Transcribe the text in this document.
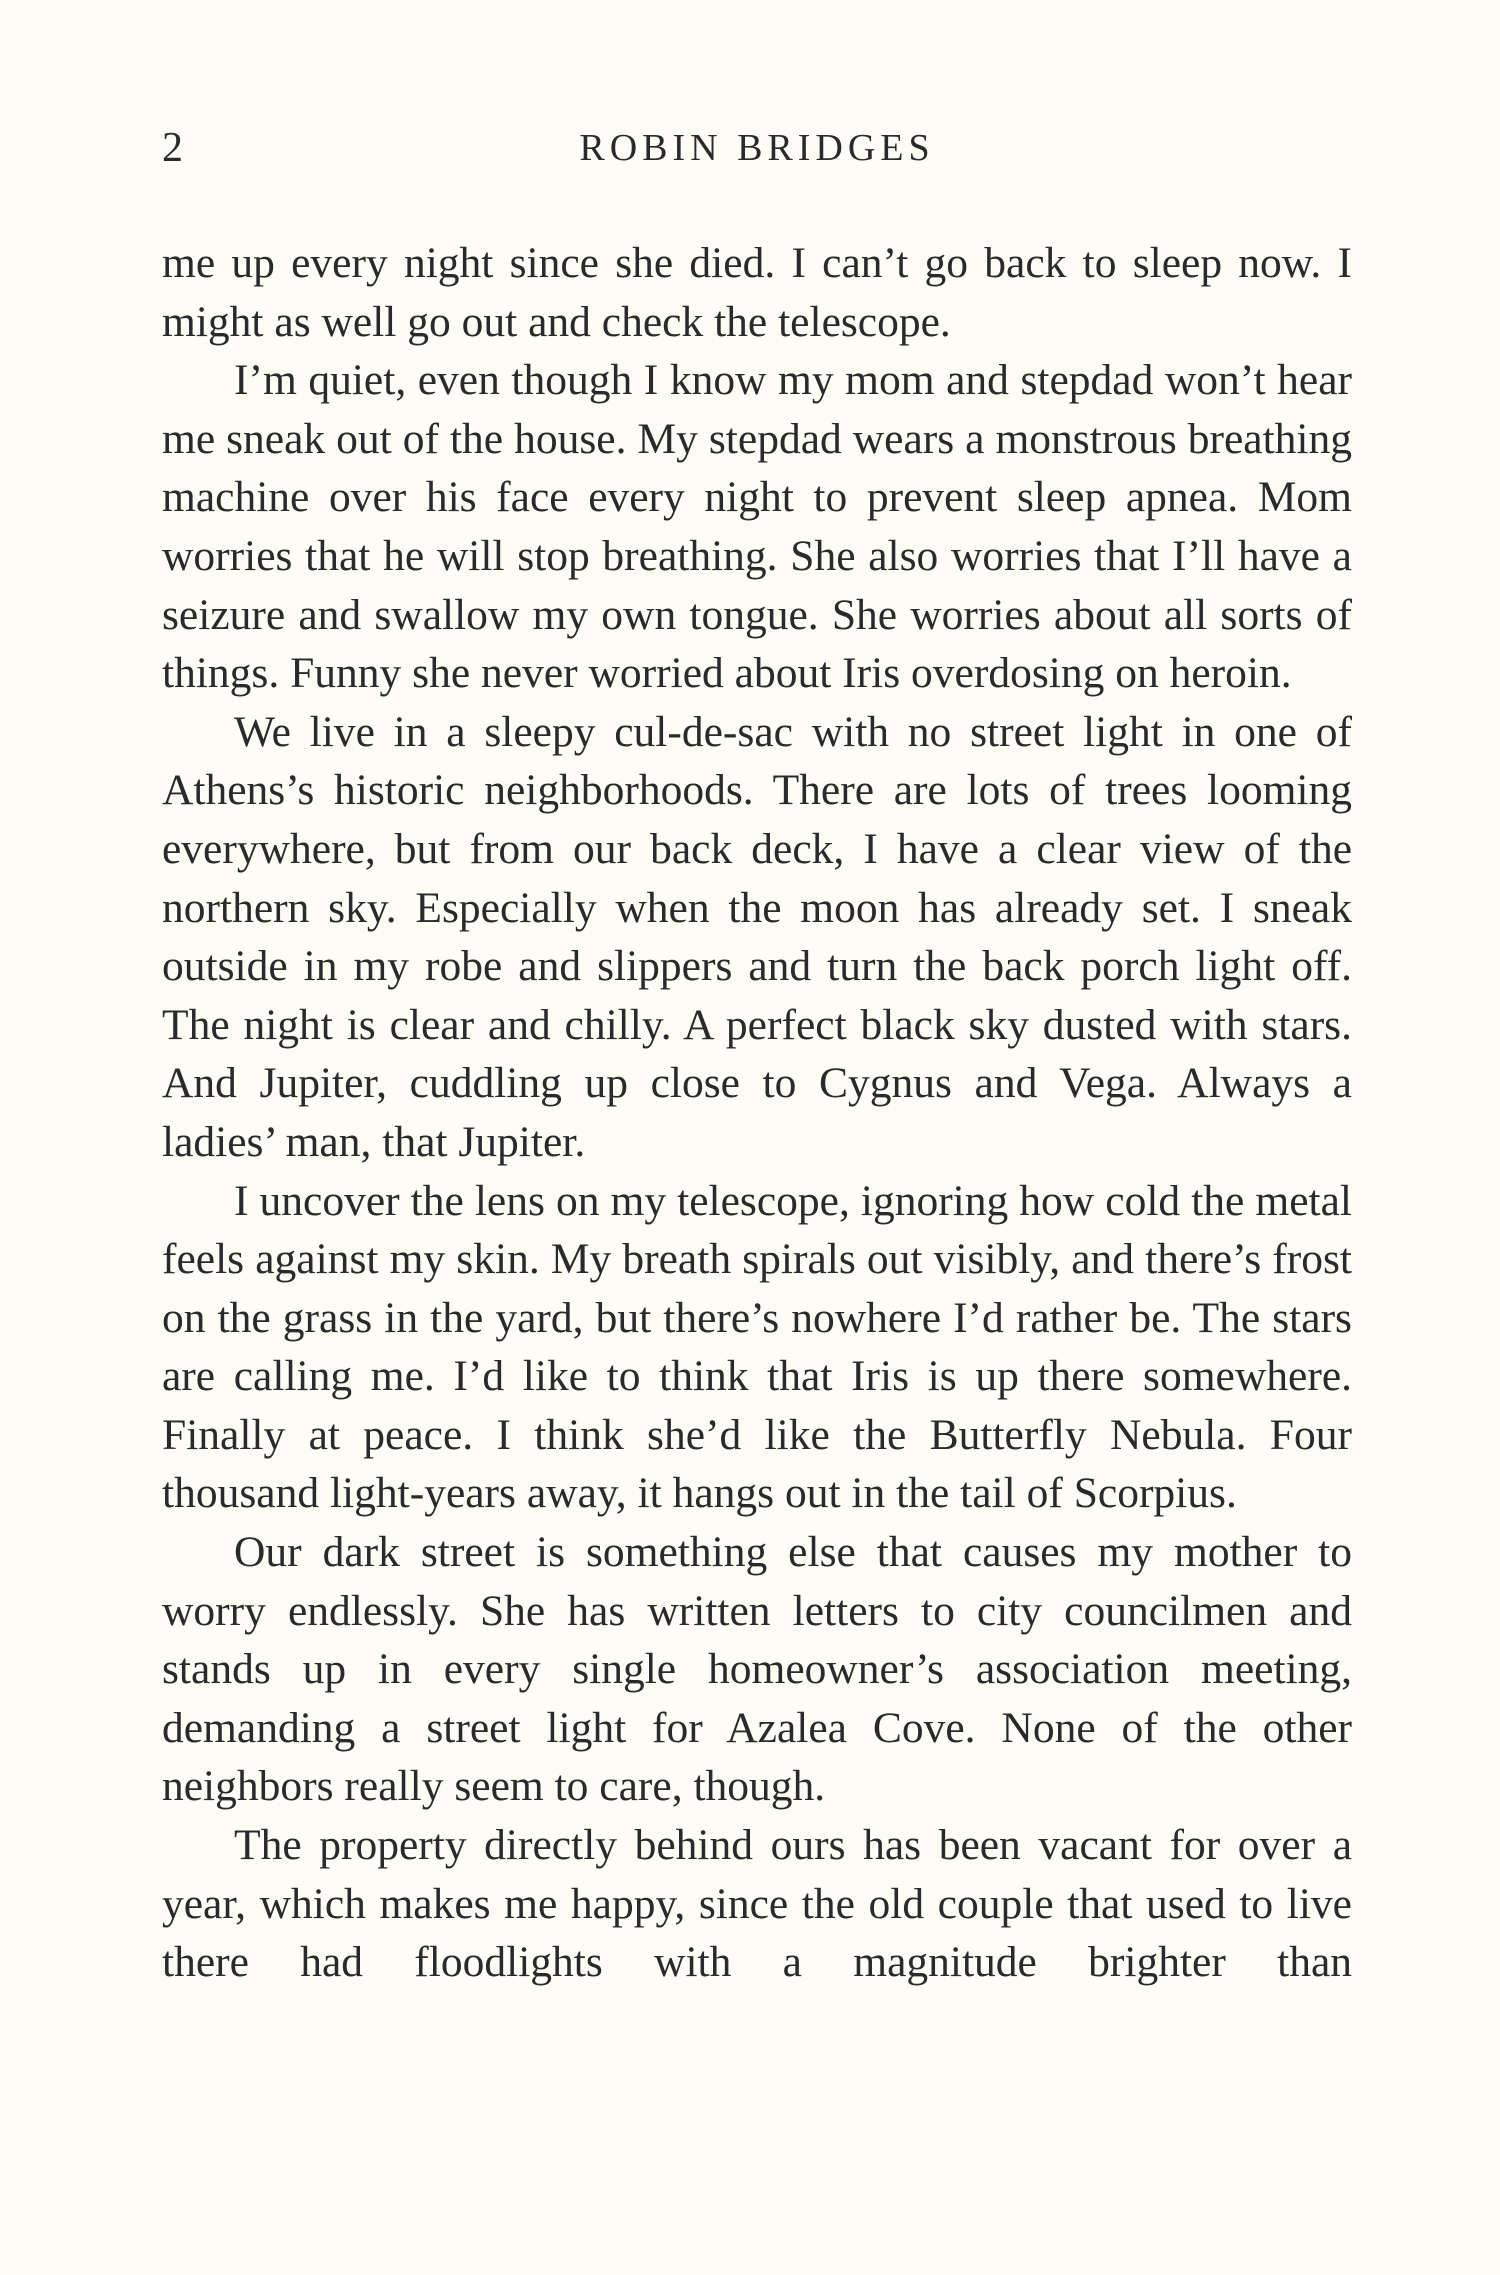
2	ROBIN BRIDGES

me up every night since she died. I can’t go back to sleep now. I might as well go out and check the telescope.

I’m quiet, even though I know my mom and stepdad won’t hear me sneak out of the house. My stepdad wears a monstrous breathing machine over his face every night to prevent sleep apnea. Mom worries that he will stop breathing. She also worries that I’ll have a seizure and swallow my own tongue. She worries about all sorts of things. Funny she never worried about Iris overdosing on heroin.

We live in a sleepy cul-de-sac with no street light in one of Athens’s historic neighborhoods. There are lots of trees looming everywhere, but from our back deck, I have a clear view of the northern sky. Especially when the moon has already set. I sneak outside in my robe and slippers and turn the back porch light off. The night is clear and chilly. A perfect black sky dusted with stars. And Jupiter, cuddling up close to Cygnus and Vega. Always a ladies’ man, that Jupiter.

I uncover the lens on my telescope, ignoring how cold the metal feels against my skin. My breath spirals out visibly, and there’s frost on the grass in the yard, but there’s nowhere I’d rather be. The stars are calling me. I’d like to think that Iris is up there somewhere. Finally at peace. I think she’d like the Butterfly Nebula. Four thousand light-years away, it hangs out in the tail of Scorpius.

Our dark street is something else that causes my mother to worry endlessly. She has written letters to city councilmen and stands up in every single homeowner’s association meeting, demanding a street light for Azalea Cove. None of the other neighbors really seem to care, though.

The property directly behind ours has been vacant for over a year, which makes me happy, since the old couple that used to live there had floodlights with a magnitude brighter than
